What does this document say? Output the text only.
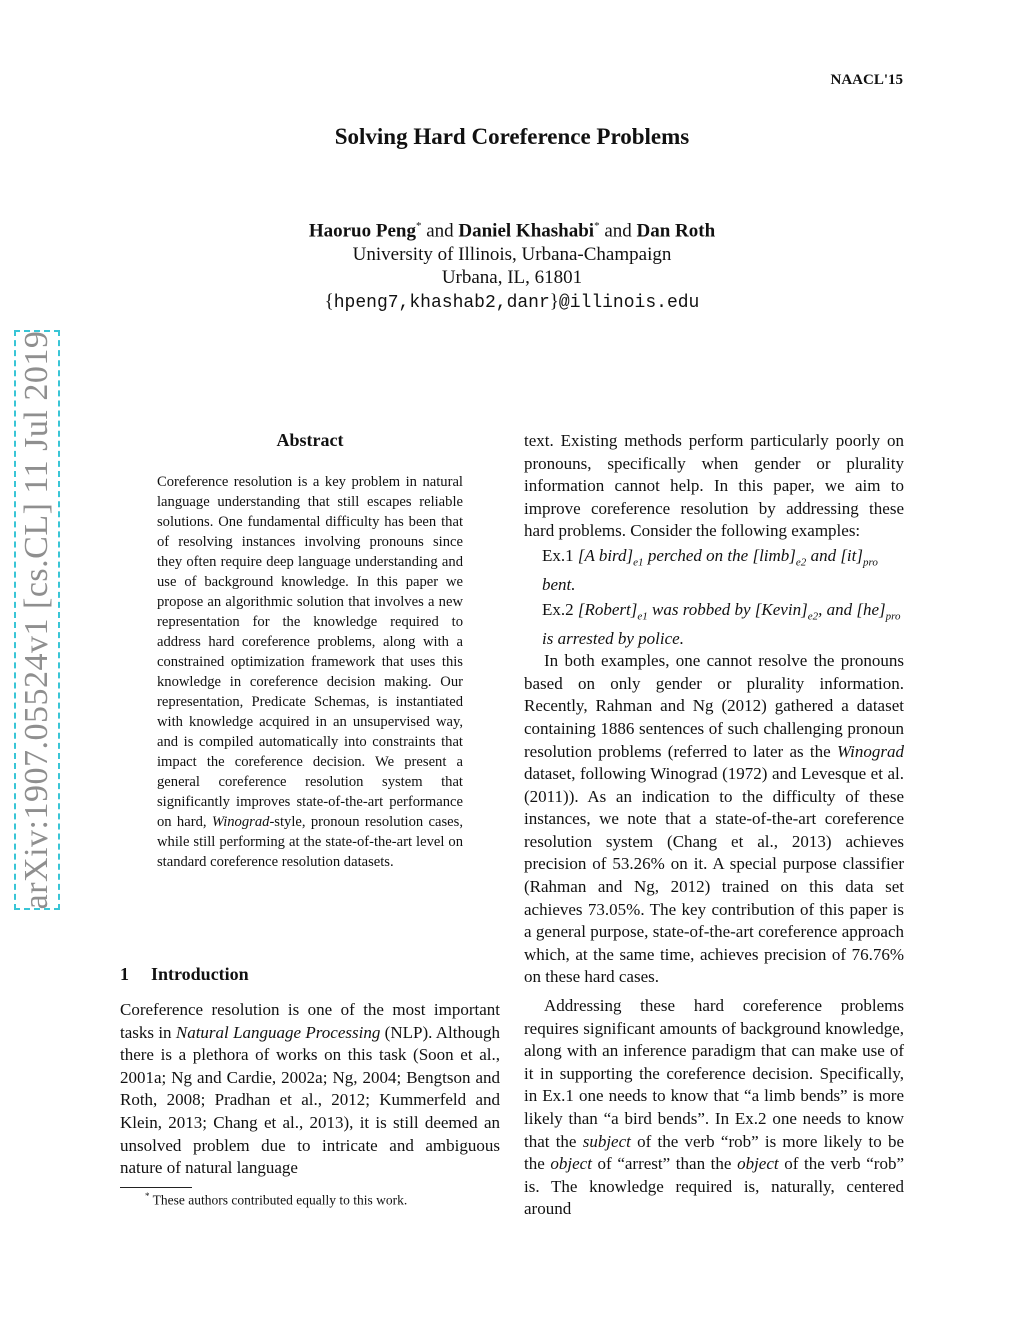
NAACL'15
Solving Hard Coreference Problems
Haoruo Peng* and Daniel Khashabi* and Dan Roth
University of Illinois, Urbana-Champaign
Urbana, IL, 61801
{hpeng7,khashab2,danr}@illinois.edu
arXiv:1907.05524v1 [cs.CL] 11 Jul 2019	Abstract
Coreference resolution is a key problem in natural language understanding that still escapes reliable solutions. One fundamental difficulty has been that of resolving instances involving pronouns since they often require deep language understanding and use of background knowledge. In this paper we propose an algorithmic solution that involves a new representation for the knowledge required to address hard coreference problems, along with a constrained optimization framework that uses this knowledge in coreference decision making. Our representation, Predicate Schemas, is instantiated with knowledge acquired in an unsupervised way, and is compiled automatically into constraints that impact the coreference decision. We present a general coreference resolution system that significantly improves state-of-the-art performance on hard, Winograd-style, pronoun resolution cases, while still performing at the state-of-the-art level on standard coreference resolution datasets.
1 Introduction
Coreference resolution is one of the most important tasks in Natural Language Processing (NLP). Although there is a plethora of works on this task (Soon et al., 2001a; Ng and Cardie, 2002a; Ng, 2004; Bengtson and Roth, 2008; Pradhan et al., 2012; Kummerfeld and Klein, 2013; Chang et al., 2013), it is still deemed an unsolved problem due to intricate and ambiguous nature of natural language
* These authors contributed equally to this work.

text. Existing methods perform particularly poorly on pronouns, specifically when gender or plurality information cannot help. In this paper, we aim to improve coreference resolution by addressing these hard problems. Consider the following examples:

Ex.1 [A $bird]_{e1}$ perched on the $[\lim b]_{e2}$ and $[it]_{pro}$ bent.
Ex.2 $[Robert]_{e1}$ was robbed by $[Kevin]_{e2}$, and $[he]_{pro}$ is arrested by police.

In both examples, one cannot resolve the pronouns based on only gender or plurality information. Recently, Rahman and Ng (2012) gathered a dataset containing 1886 sentences of such challenging pronoun resolution problems (referred to later as the Winograd dataset, following Winograd (1972) and Levesque et al. (2011)). As an indication to the difficulty of these instances, we note that a state-of-the-art coreference resolution system (Chang et al., 2013) achieves precision of 53.26% on it. A special purpose classifier (Rahman and Ng, 2012) trained on this data set achieves 73.05%. The key contribution of this paper is a general purpose, state-of-the-art coreference approach which, at the same time, achieves precision of 76.76% on these hard cases.

Addressing these hard coreference problems requires significant amounts of background knowledge, along with an inference paradigm that can make use of it in supporting the coreference decision. Specifically, in Ex.1 one needs to know that “a limb bends” is more likely than “a bird bends”. In Ex.2 one needs to know that the subject of the verb “rob” is more likely to be the object of “arrest” than the object of the verb “rob” is. The knowledge required is, naturally, centered around
